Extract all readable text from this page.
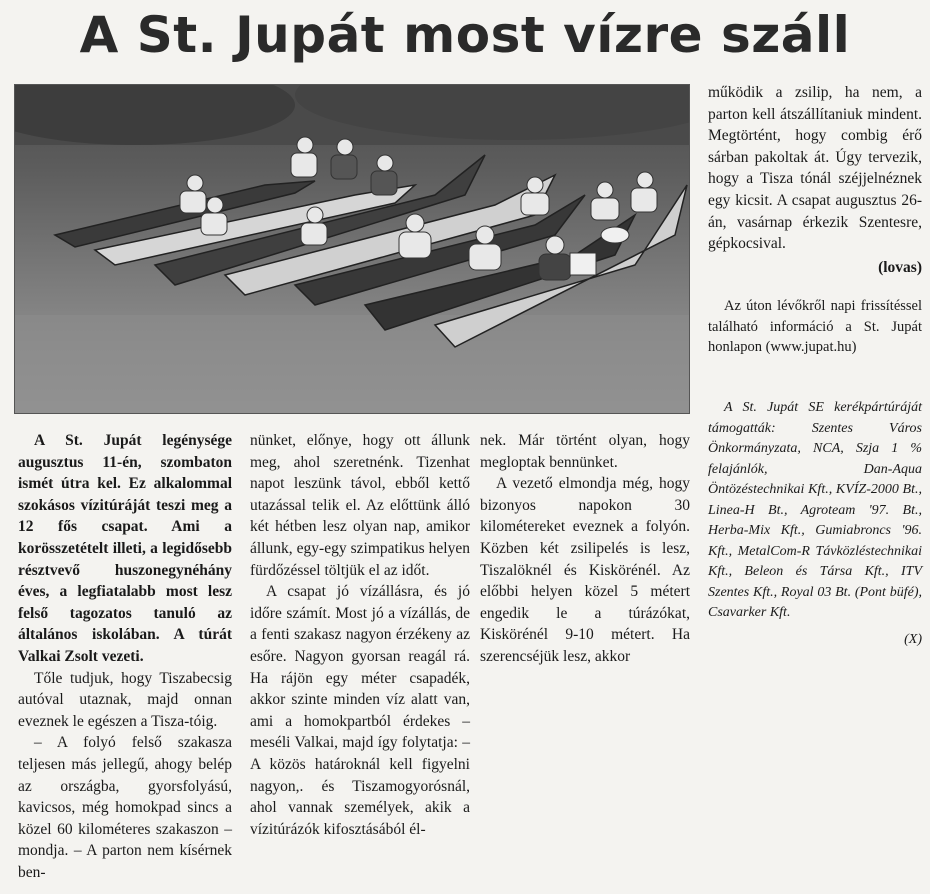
A St. Jupát most vízre száll

A St. Jupát legénysége augusztus 11-én, szombaton ismét útra kel. Ez alkalommal szokásos vízitúráját teszi meg a 12 fős csapat. Ami a korösszetételt illeti, a legidősebb résztvevő huszonegynéhány éves, a legfiatalabb most lesz felső tagozatos tanuló az általános iskolában. A túrát Valkai Zsolt vezeti.

Tőle tudjuk, hogy Tiszabecsig autóval utaznak, majd onnan eveznek le egészen a Tisza-tóig.

– A folyó felső szakasza teljesen más jellegű, ahogy belép az országba, gyorsfolyású, kavicsos, még homokpad sincs a közel 60 kilométeres szakaszon – mondja. – A parton nem kísérnek ben-

nünket, előnye, hogy ott állunk meg, ahol szeretnénk. Tizenhat napot leszünk távol, ebből kettő utazással telik el. Az előttünk álló két hétben lesz olyan nap, amikor állunk, egy-egy szimpatikus helyen fürdőzéssel töltjük el az időt.

A csapat jó vízállásra, és jó időre számít. Most jó a vízállás, de a fenti szakasz nagyon érzékeny az esőre. Nagyon gyorsan reagál rá. Ha rájön egy méter csapadék, akkor szinte minden víz alatt van, ami a homokpartból érdekes – meséli Valkai, majd így folytatja: – A közös határoknál kell figyelni nagyon,. és Tiszamogyorósnál, ahol vannak személyek, akik a vízitúrázók kifosztásából él-

nek. Már történt olyan, hogy megloptak bennünket.

A vezető elmondja még, hogy bizonyos napokon 30 kilométereket eveznek a folyón. Közben két zsilipelés is lesz, Tiszalöknél és Kiskörénél. Az előbbi helyen közel 5 métert engedik le a túrázókat, Kiskörénél 9-10 métert. Ha szerencséjük lesz, akkor

működik a zsilip, ha nem, a parton kell átszállítaniuk mindent. Megtörtént, hogy combig érő sárban pakoltak át. Úgy tervezik, hogy a Tisza tónál széjjelnéznek egy kicsit. A csapat augusztus 26-án, vasárnap érkezik Szentesre, gépkocsival.

(lovas)

Az úton lévőkről napi frissítéssel található információ a St. Jupát honlapon (www.jupat.hu)

A St. Jupát SE kerékpártúráját támogatták: Szentes Város Önkormányzata, NCA, Szja 1 % felajánlók, Dan-Aqua Öntözéstechnikai Kft., KVÍZ-2000 Bt., Linea-H Bt., Agroteam '97. Bt., Herba-Mix Kft., Gumiabroncs '96. Kft., MetalCom-R Távközléstechnikai Kft., Beleon és Társa Kft., ITV Szentes Kft., Royal 03 Bt. (Pont büfé), Csavarker Kft.

(X)
